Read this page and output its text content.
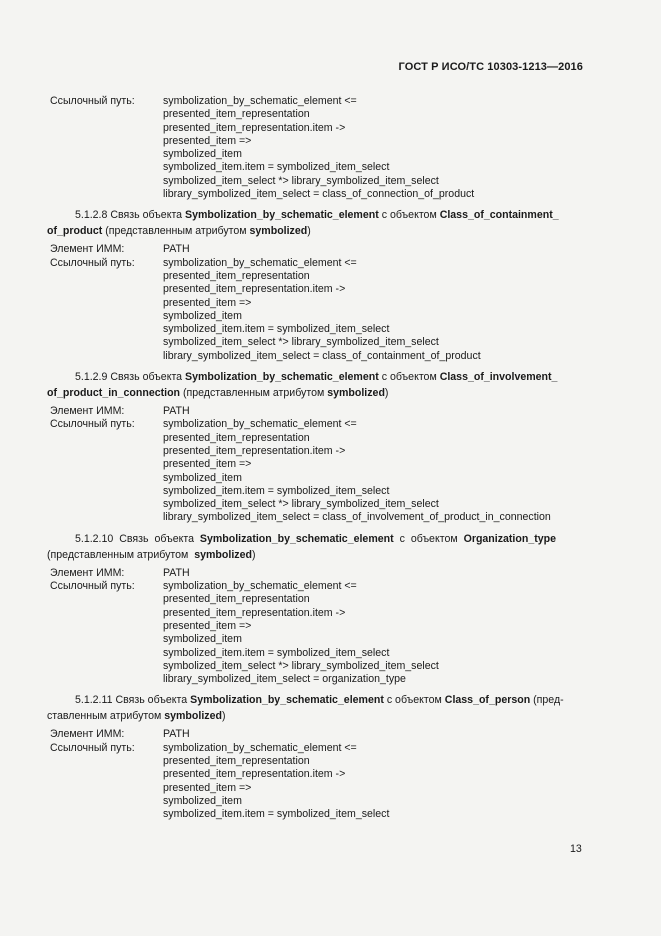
ГОСТ Р ИСО/ТС 10303-1213—2016
Ссылочный путь:	symbolization_by_schematic_element <=
presented_item_representation
presented_item_representation.item ->
presented_item =>
symbolized_item
symbolized_item.item = symbolized_item_select
symbolized_item_select *> library_symbolized_item_select
library_symbolized_item_select = class_of_connection_of_product
5.1.2.8 Связь объекта Symbolization_by_schematic_element с объектом Class_of_containment_
of_product (представленным атрибутом symbolized)
Элемент ИММ:	PATH
Ссылочный путь:	symbolization_by_schematic_element <=
presented_item_representation
presented_item_representation.item ->
presented_item =>
symbolized_item
symbolized_item.item = symbolized_item_select
symbolized_item_select *> library_symbolized_item_select
library_symbolized_item_select = class_of_containment_of_product
5.1.2.9 Связь объекта Symbolization_by_schematic_element с объектом Class_of_involvement_
of_product_in_connection (представленным атрибутом symbolized)
Элемент ИММ:	PATH
Ссылочный путь:	symbolization_by_schematic_element <=
presented_item_representation
presented_item_representation.item ->
presented_item =>
symbolized_item
symbolized_item.item = symbolized_item_select
symbolized_item_select *> library_symbolized_item_select
library_symbolized_item_select = class_of_involvement_of_product_in_connection
5.1.2.10 Связь объекта Symbolization_by_schematic_element с объектом Organization_type
(представленным атрибутом symbolized)
Элемент ИММ:	PATH
Ссылочный путь:	symbolization_by_schematic_element <=
presented_item_representation
presented_item_representation.item ->
presented_item =>
symbolized_item
symbolized_item.item = symbolized_item_select
symbolized_item_select *> library_symbolized_item_select
library_symbolized_item_select = organization_type
5.1.2.11 Связь объекта Symbolization_by_schematic_element с объектом Class_of_person (пред-
ставленным атрибутом symbolized)
Элемент ИММ:	PATH
Ссылочный путь:	symbolization_by_schematic_element <=
presented_item_representation
presented_item_representation.item ->
presented_item =>
symbolized_item
symbolized_item.item = symbolized_item_select
13
